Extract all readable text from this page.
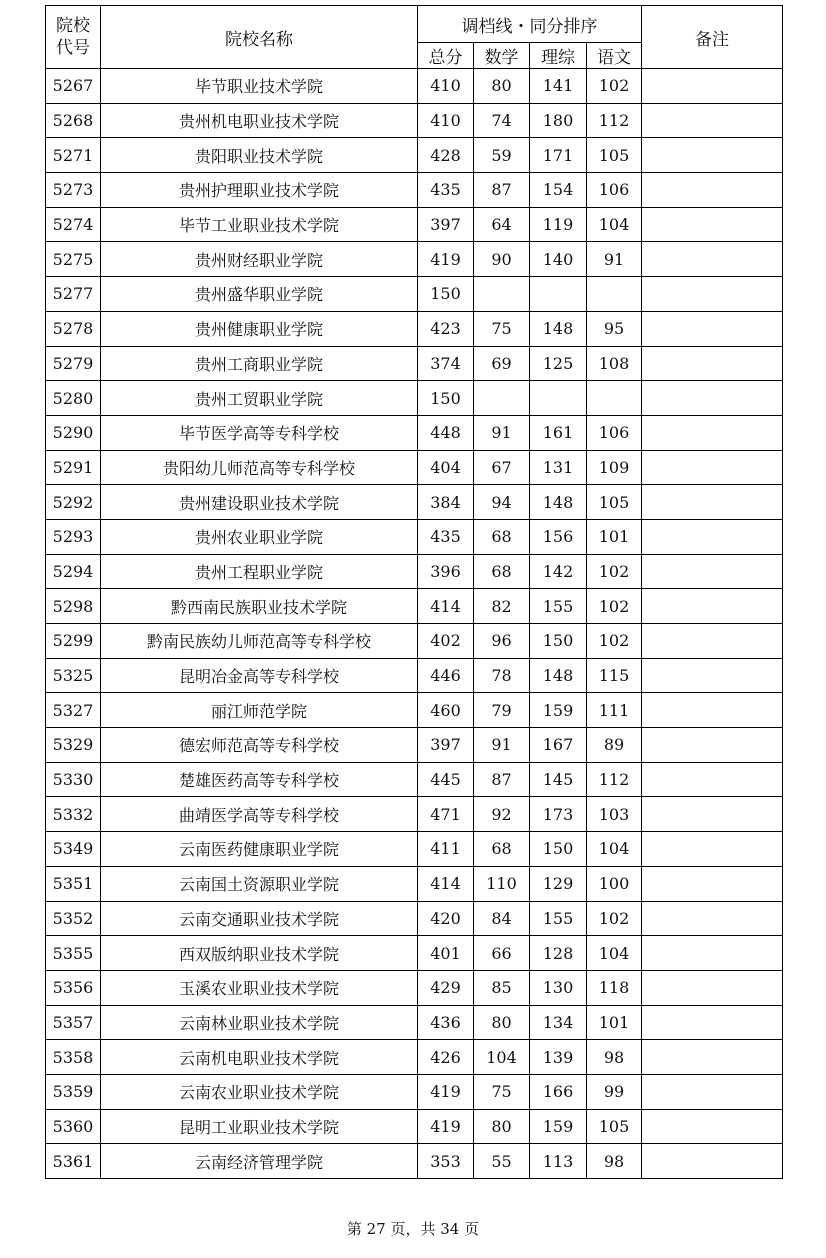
院校
代号	院校名称	调档线・同分排序				备注
		总分	数学	理综	语文	
5267	毕节职业技术学院	410	80	141	102	
5268	贵州机电职业技术学院	410	74	180	112	
5271	贵阳职业技术学院	428	59	171	105	
5273	贵州护理职业技术学院	435	87	154	106	
5274	毕节工业职业技术学院	397	64	119	104	
5275	贵州财经职业学院	419	90	140	91	
5277	贵州盛华职业学院	150				
5278	贵州健康职业学院	423	75	148	95	
5279	贵州工商职业学院	374	69	125	108	
5280	贵州工贸职业学院	150				
5290	毕节医学高等专科学校	448	91	161	106	
5291	贵阳幼儿师范高等专科学校	404	67	131	109	
5292	贵州建设职业技术学院	384	94	148	105	
5293	贵州农业职业学院	435	68	156	101	
5294	贵州工程职业学院	396	68	142	102	
5298	黔西南民族职业技术学院	414	82	155	102	
5299	黔南民族幼儿师范高等专科学校	402	96	150	102	
5325	昆明冶金高等专科学校	446	78	148	115	
5327	丽江师范学院	460	79	159	111	
5329	德宏师范高等专科学校	397	91	167	89	
5330	楚雄医药高等专科学校	445	87	145	112	
5332	曲靖医学高等专科学校	471	92	173	103	
5349	云南医药健康职业学院	411	68	150	104	
5351	云南国土资源职业学院	414	110	129	100	
5352	云南交通职业技术学院	420	84	155	102	
5355	西双版纳职业技术学院	401	66	128	104	
5356	玉溪农业职业技术学院	429	85	130	118	
5357	云南林业职业技术学院	436	80	134	101	
5358	云南机电职业技术学院	426	104	139	98	
5359	云南农业职业技术学院	419	75	166	99	
5360	昆明工业职业技术学院	419	80	159	105	
5361	云南经济管理学院	353	55	113	98	
第 27 页，共 34 页
